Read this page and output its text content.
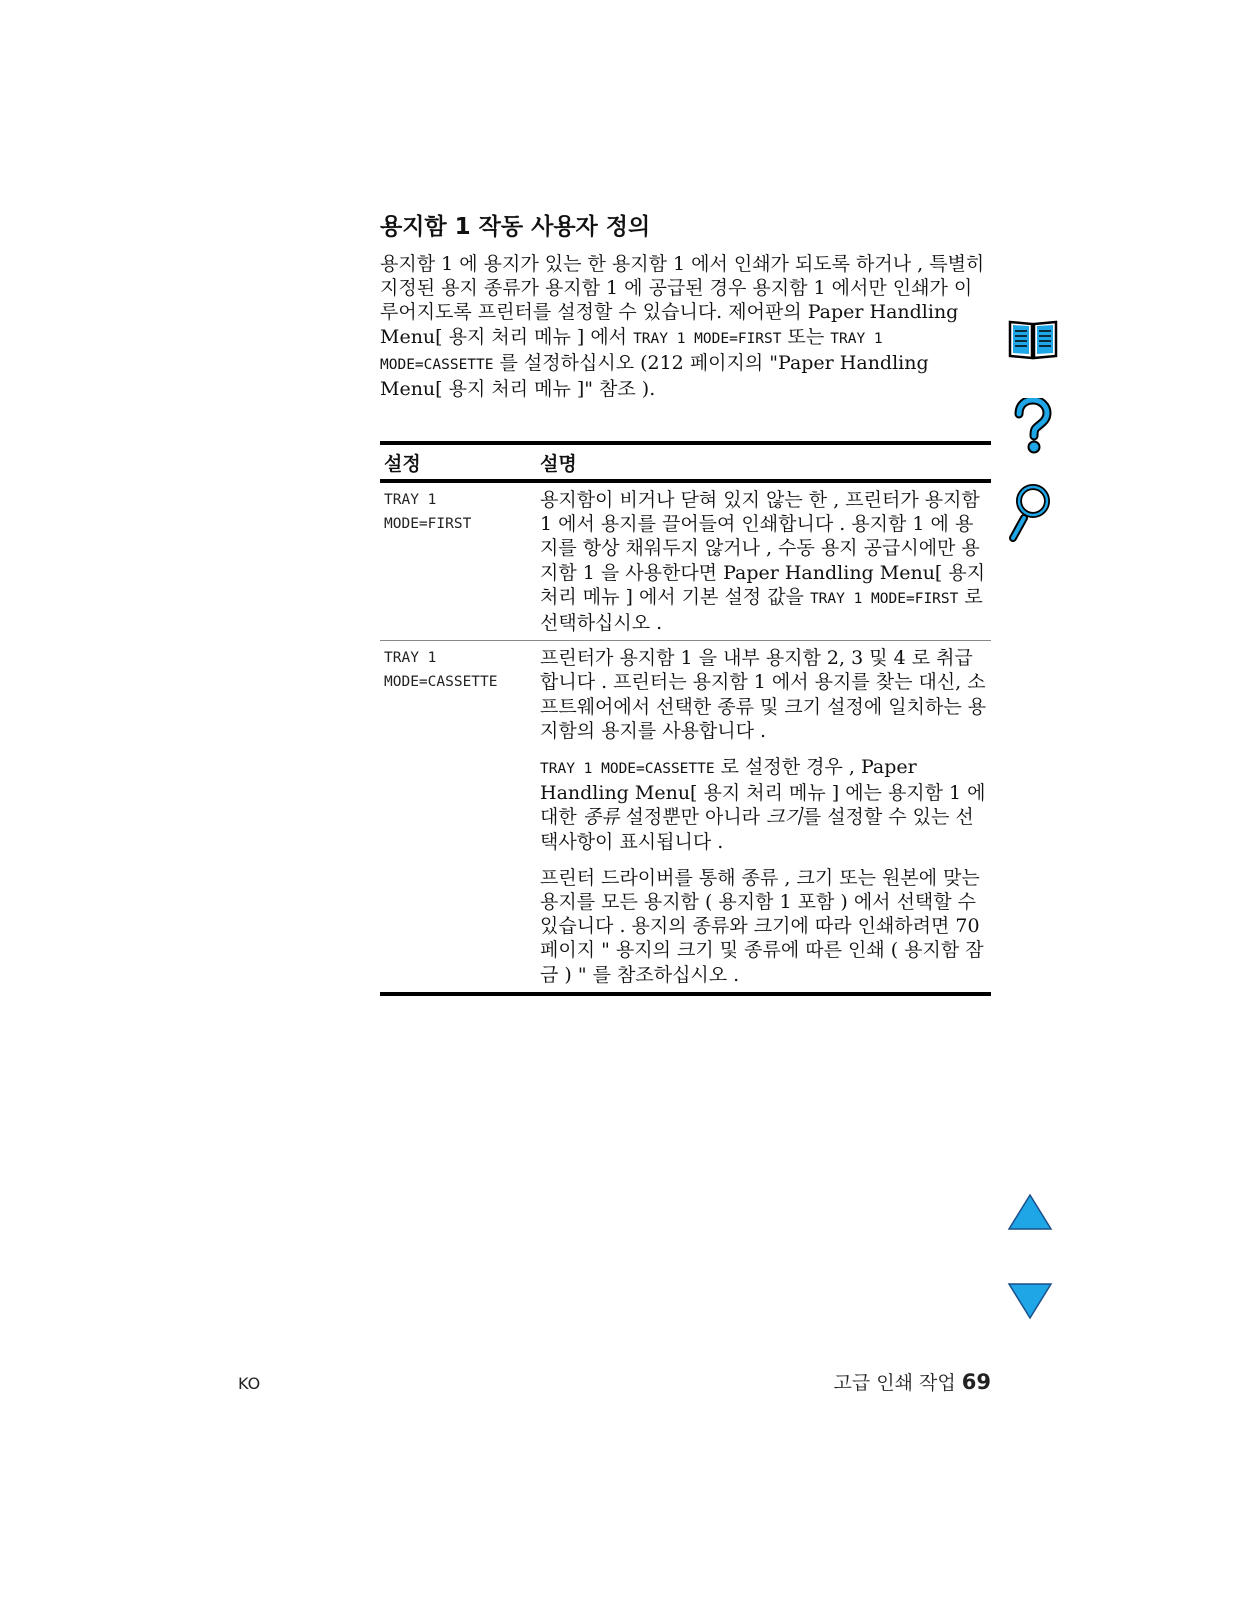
용지함 1 작동 사용자 정의

용지함 1 에 용지가 있는 한 용지함 1 에서 인쇄가 되도록 하거나 , 특별히 지정된 용지 종류가 용지함 1 에 공급된 경우 용지함 1 에서만 인쇄가 이루어지도록 프린터를 설정할 수 있습니다. 제어판의 Paper Handling Menu[ 용지 처리 메뉴 ] 에서 TRAY 1 MODE=FIRST 또는 TRAY 1 MODE=CASSETTE 를 설정하십시오 (212 페이지의 "Paper Handling Menu[ 용지 처리 메뉴 ]" 참조 ).

설정	설명
TRAY 1
MODE=FIRST

용지함이 비거나 닫혀 있지 않는 한 , 프린터가 용지함 1 에서 용지를 끌어들여 인쇄합니다 . 용지함 1 에 용지를 항상 채워두지 않거나 , 수동 용지 공급시에만 용지함 1 을 사용한다면 Paper Handling Menu[ 용지 처리 메뉴 ] 에서 기본 설정 값을 TRAY 1 MODE=FIRST 로 선택하십시오 .

TRAY 1
MODE=CASSETTE

프린터가 용지함 1 을 내부 용지함 2, 3 및 4 로 취급합니다 . 프린터는 용지함 1 에서 용지를 찾는 대신, 소프트웨어에서 선택한 종류 및 크기 설정에 일치하는 용지함의 용지를 사용합니다 .

TRAY 1 MODE=CASSETTE 로 설정한 경우 , Paper Handling Menu[ 용지 처리 메뉴 ] 에는 용지함 1 에 대한 종류 설정뿐만 아니라 크기를 설정할 수 있는 선택사항이 표시됩니다 .

프린터 드라이버를 통해 종류 , 크기 또는 원본에 맞는 용지를 모든 용지함 ( 용지함 1 포함 ) 에서 선택할 수 있습니다 . 용지의 종류와 크기에 따라 인쇄하려면 70 페이지 " 용지의 크기 및 종류에 따른 인쇄 ( 용지함 잠금 ) " 를 참조하십시오 .

KO	고급 인쇄 작업 69
